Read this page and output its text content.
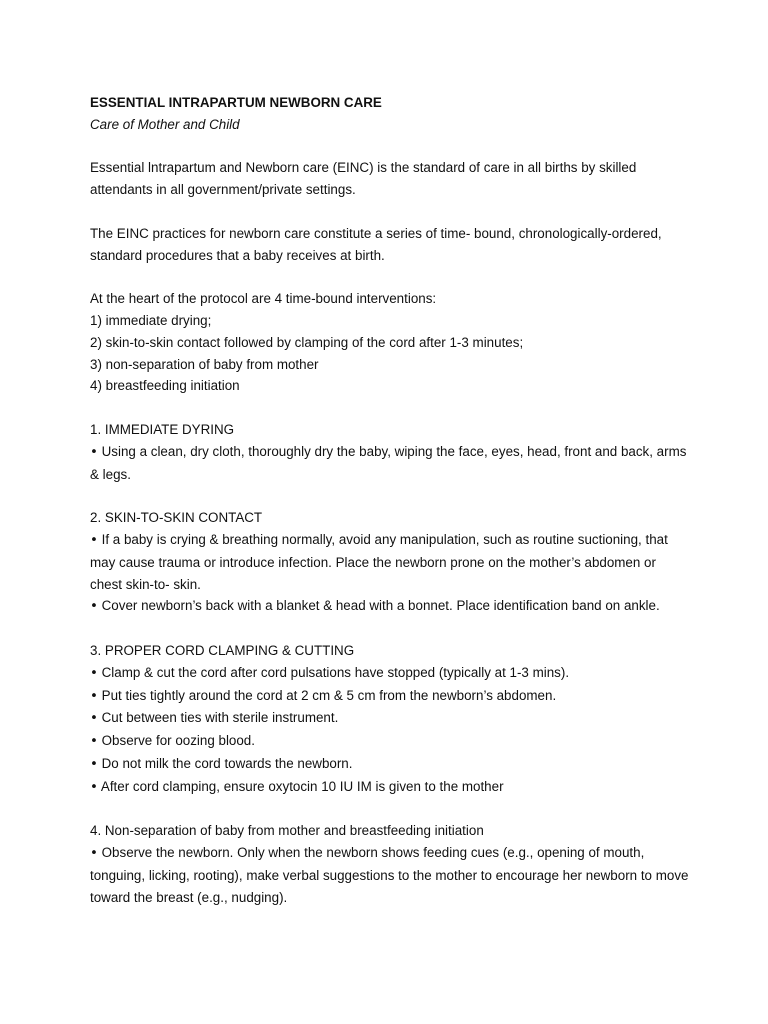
ESSENTIAL INTRAPARTUM NEWBORN CARE
Care of Mother and Child

Essential lntrapartum and Newborn care (EINC) is the standard of care in all births by skilled attendants in all government/private settings.

The EINC practices for newborn care constitute a series of time- bound, chronologically-ordered, standard procedures that a baby receives at birth.

At the heart of the protocol are 4 time-bound interventions:
1) immediate drying;
2) skin-to-skin contact followed by clamping of the cord after 1-3 minutes;
3) non-separation of baby from mother
4) breastfeeding initiation
1. IMMEDIATE DYRING
• Using a clean, dry cloth, thoroughly dry the baby, wiping the face, eyes, head, front and back, arms & legs.
2. SKIN-TO-SKIN CONTACT
• If a baby is crying & breathing normally, avoid any manipulation, such as routine suctioning, that may cause trauma or introduce infection. Place the newborn prone on the mother’s abdomen or chest skin-to- skin.
• Cover newborn’s back with a blanket & head with a bonnet. Place identification band on ankle.
3. PROPER CORD CLAMPING & CUTTING
• Clamp & cut the cord after cord pulsations have stopped (typically at 1-3 mins).
• Put ties tightly around the cord at 2 cm & 5 cm from the newborn’s abdomen.
• Cut between ties with sterile instrument.
• Observe for oozing blood.
• Do not milk the cord towards the newborn.
• After cord clamping, ensure oxytocin 10 IU IM is given to the mother
4. Non-separation of baby from mother and breastfeeding initiation
• Observe the newborn. Only when the newborn shows feeding cues (e.g., opening of mouth, tonguing, licking, rooting), make verbal suggestions to the mother to encourage her newborn to move toward the breast (e.g., nudging).
